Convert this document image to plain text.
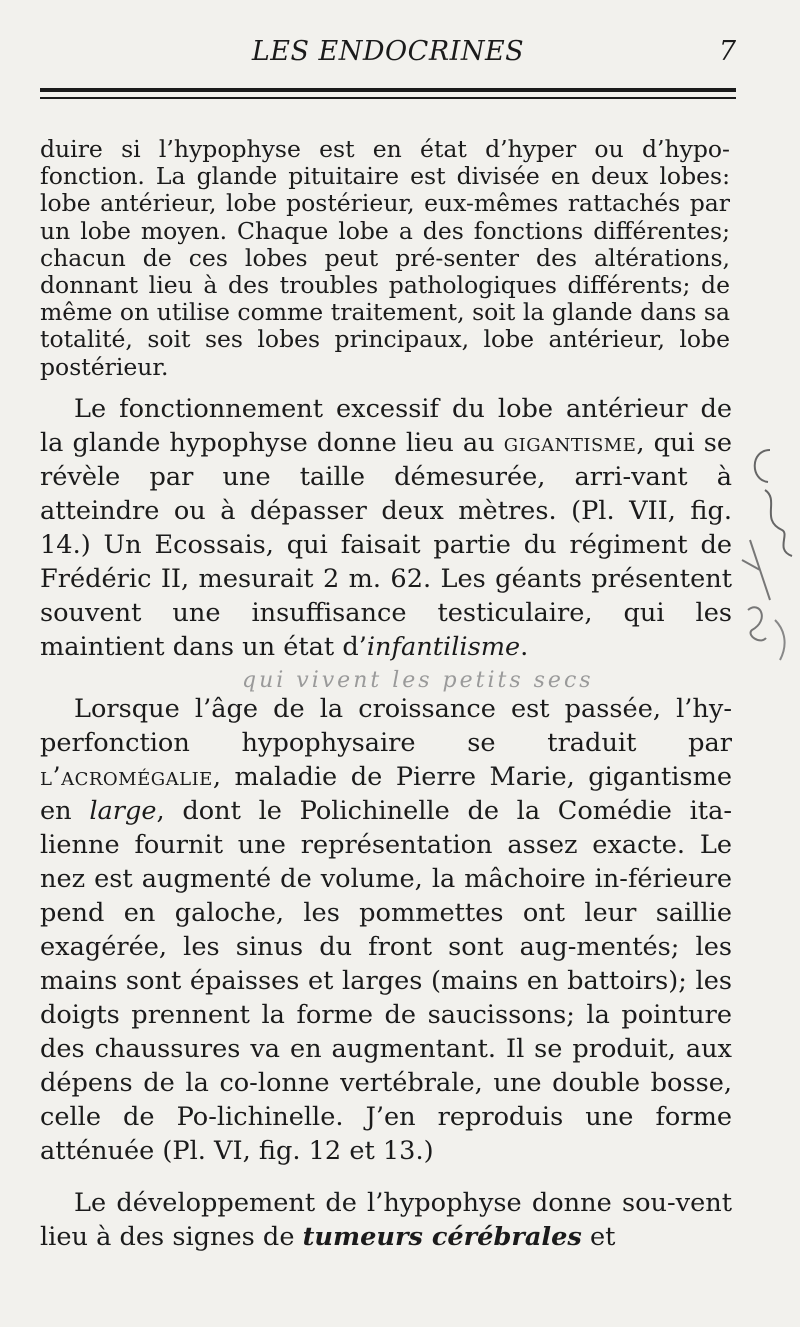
LES ENDOCRINES	7

duire si l’hypophyse est en état d’hyper ou d’hypo-fonction. La glande pituitaire est divisée en deux lobes: lobe antérieur, lobe postérieur, eux-mêmes rattachés par un lobe moyen. Chaque lobe a des fonctions différentes; chacun de ces lobes peut pré-senter des altérations, donnant lieu à des troubles pathologiques différents; de même on utilise comme traitement, soit la glande dans sa totalité, soit ses lobes principaux, lobe antérieur, lobe postérieur.

Le fonctionnement excessif du lobe antérieur de la glande hypophyse donne lieu au gigantisme, qui se révèle par une taille démesurée, arri-vant à atteindre ou à dépasser deux mètres. (Pl. VII, fig. 14.) Un Ecossais, qui faisait partie du régiment de Frédéric II, mesurait 2 m. 62. Les géants présentent souvent une insuffisance testiculaire, qui les maintient dans un état d’infantilisme.

Lorsque l’âge de la croissance est passée, l’hy-perfonction hypophysaire se traduit par l’acromégalie, maladie de Pierre Marie, gigantisme en large, dont le Polichinelle de la Comédie ita-lienne fournit une représentation assez exacte. Le nez est augmenté de volume, la mâchoire in-férieure pend en galoche, les pommettes ont leur saillie exagérée, les sinus du front sont aug-mentés; les mains sont épaisses et larges (mains en battoirs); les doigts prennent la forme de saucissons; la pointure des chaussures va en augmentant. Il se produit, aux dépens de la co-lonne vertébrale, une double bosse, celle de Po-lichinelle. J’en reproduis une forme atténuée (Pl. VI, fig. 12 et 13.)

Le développement de l’hypophyse donne sou-vent lieu à des signes de tumeurs cérébrales et

qui vivent les petits secs
